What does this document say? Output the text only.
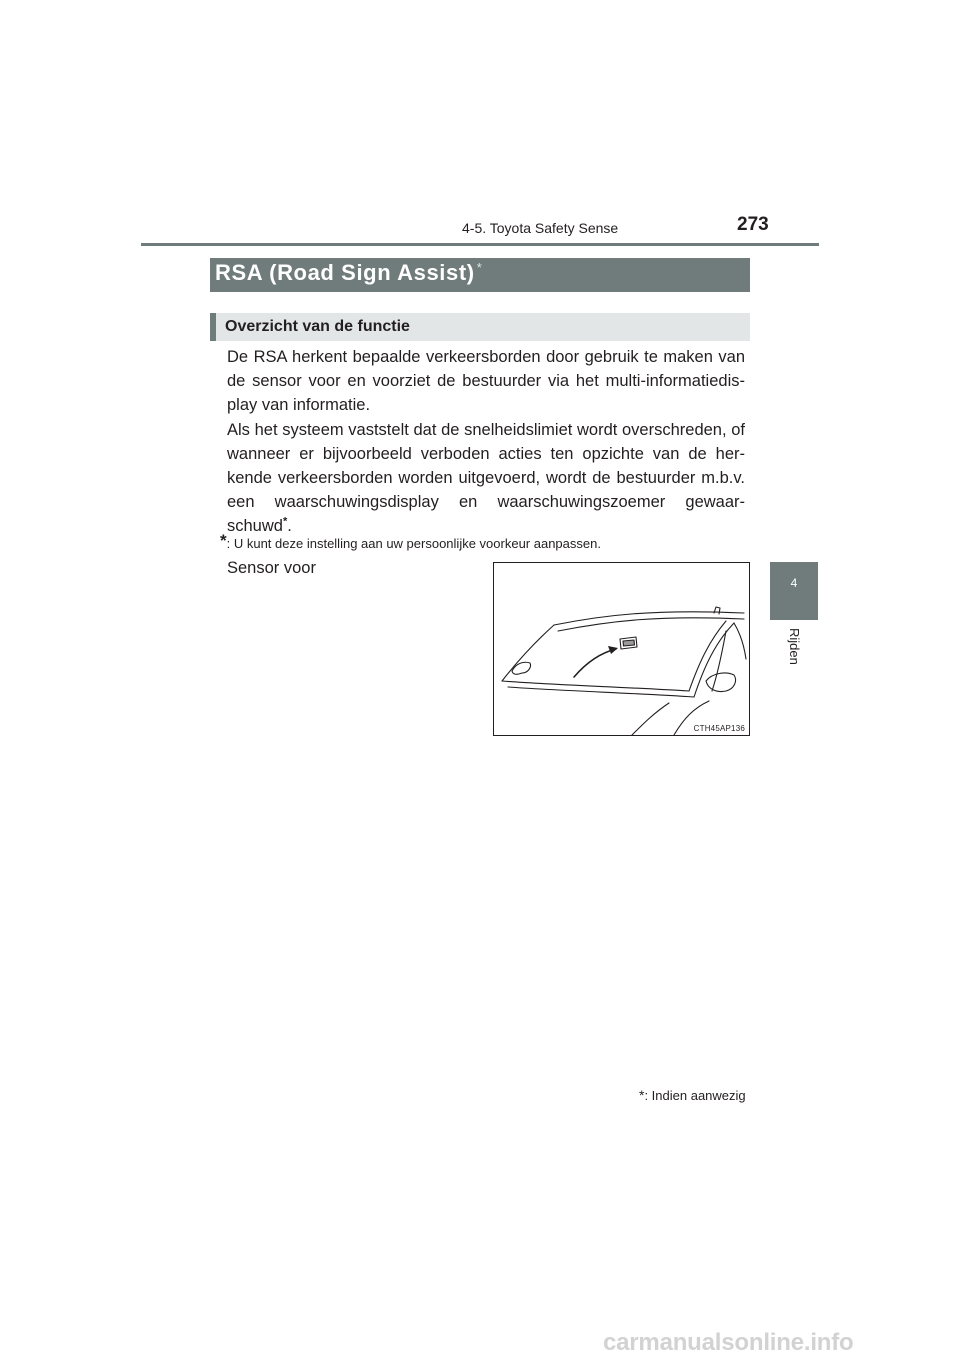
4-5. Toyota Safety Sense	273
4
Rijden
RSA (Road Sign Assist) *
Overzicht van de functie
De RSA herkent bepaalde verkeersborden door gebruik te maken van de sensor voor en voorziet de bestuurder via het multi-informatiedis-play van informatie.
Als het systeem vaststelt dat de snelheidslimiet wordt overschreden, of wanneer er bijvoorbeeld verboden acties ten opzichte van de her-kende verkeersborden worden uitgevoerd, wordt de bestuurder m.b.v. een waarschuwingsdisplay en waarschuwingszoemer gewaar-schuwd*.
*: U kunt deze instelling aan uw persoonlijke voorkeur aanpassen.
Sensor voor
CTH45AP136
*: Indien aanwezig
carmanualsonline.info
